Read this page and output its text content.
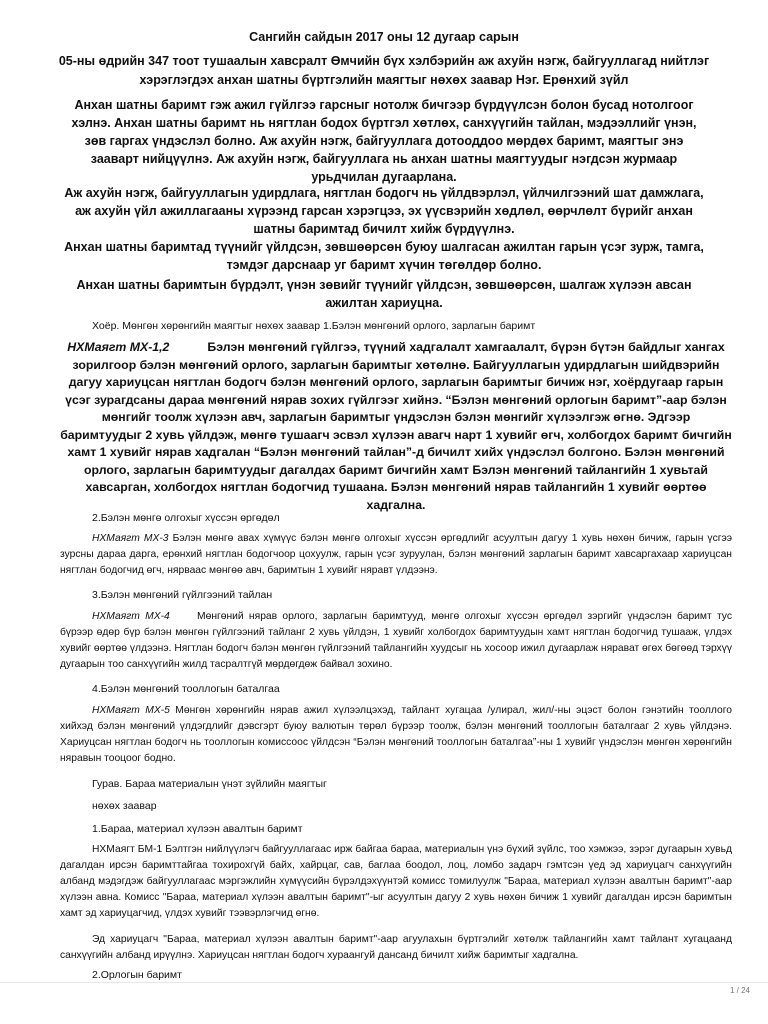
Сангийн сайдын 2017 оны 12 дугаар сарын
05-ны өдрийн 347 тоот тушаалын хавсралт Өмчийн бүх хэлбэрийн аж ахуйн нэгж, байгууллагад нийтлэг хэрэглэгдэх анхан шатны бүртгэлийн маягтыг нөхөх заавар Нэг. Ерөнхий зүйл
Анхан шатны баримт гэж ажил гүйлгээ гарсныг нотолж бичгээр бүрдүүлсэн болон бусад нотолгоог хэлнэ. Анхан шатны баримт нь нягтлан бодох бүртгэл хөтлөх, санхүүгийн тайлан, мэдээллийг үнэн, зөв гаргах үндэслэл болно. Аж ахуйн нэгж, байгууллага дотооддоо мөрдөх баримт, маягтыг энэ зааварт нийцүүлнэ. Аж ахуйн нэгж, байгууллага нь анхан шатны маягтуудыг нэгдсэн журмаар урьдчилан дугаарлана.
Аж ахуйн нэгж, байгууллагын удирдлага, нягтлан бодогч нь үйлдвэрлэл, үйлчилгээний шат дамжлага, аж ахуйн үйл ажиллагааны хүрээнд гарсан хэрэгцээ, эх үүсвэрийн хөдлөл, өөрчлөлт бүрийг анхан шатны баримтад бичилт хийж бүрдүүлнэ.
Анхан шатны баримтад түүнийг үйлдсэн, зөвшөөрсөн буюу шалгасан ажилтан гарын үсэг зурж, тамга, тэмдэг дарснаар уг баримт хүчин төгөлдөр болно.
Анхан шатны баримтын бүрдэлт, үнэн зөвийг түүнийг үйлдсэн, зөвшөөрсөн, шалгаж хүлээн авсан ажилтан хариуцна.
Хоёр. Мөнгөн хөрөнгийн маягтыг нөхөх заавар 1.Бэлэн мөнгөний орлого, зарлагын баримт
НХМаягт МХ-1,2	Бэлэн мөнгөний гүйлгээ, түүний хадгалалт хамгаалалт, бүрэн бүтэн байдлыг хангах зорилгоор бэлэн мөнгөний орлого, зарлагын баримтыг хөтөлнө. Байгууллагын удирдлагын шийдвэрийн дагуу хариуцсан нягтлан бодогч бэлэн мөнгөний орлого, зарлагын баримтыг бичиж нэг, хоёрдугаар гарын үсэг зурагдсаны дараа мөнгөний нярав зохих гүйлгээг хийнэ. “Бэлэн мөнгөний орлогын баримт”-аар бэлэн мөнгийг тоолж хүлээн авч, зарлагын баримтыг үндэслэн бэлэн мөнгийг хүлээлгэж өгнө. Эдгээр баримтуудыг 2 хувь үйлдэж, мөнгө тушаагч эсвэл хүлээн авагч нарт 1 хувийг өгч, холбогдох баримт бичгийн хамт 1 хувийг нярав хадгалан “Бэлэн мөнгөний тайлан”-д бичилт хийх үндэслэл болгоно. Бэлэн мөнгөний орлого, зарлагын баримтуудыг дагалдах баримт бичгийн хамт Бэлэн мөнгөний тайлангийн 1 хувьтай хавсарган, холбогдох нягтлан бодогчид тушаана. Бэлэн мөнгөний нярав тайлангийн 1 хувийг өөртөө хадгална.
2.Бэлэн мөнгө олгохыг хүссэн өргөдөл
НХМаягт МХ-3 Бэлэн мөнгө авах хүмүүс бэлэн мөнгө олгохыг хүссэн өргөдлийг асуултын дагуу 1 хувь нөхөн бичиж, гарын үсгээ зурсны дараа дарга, ерөнхий нягтлан бодогчоор цохуулж, гарын үсэг зуруулан, бэлэн мөнгөний зарлагын баримт хавсаргахаар хариуцсан нягтлан бодогчид өгч, нярваас мөнгөө авч, баримтын 1 хувийг няравт үлдээнэ.
3.Бэлэн мөнгөний гүйлгээний тайлан
НХМаягт МХ-4	Мөнгөний нярав орлого, зарлагын баримтууд, мөнгө олгохыг хүссэн өргөдөл зэргийг үндэслэн баримт тус бүрээр өдөр бүр бэлэн мөнгөн гүйлгээний тайланг 2 хувь үйлдэн, 1 хувийг холбогдох баримтуудын хамт нягтлан бодогчид тушааж, үлдэх хувийг өөртөө үлдээнэ. Нягтлан бодогч бэлэн мөнгөн гүйлгээний тайлангийн хуудсыг нь хосоор ижил дугаарлаж нярават өгөх бөгөөд тэрхүү дугаарын тоо санхүүгийн жилд тасралтгүй мөрдөгдөж байвал зохино.
4.Бэлэн мөнгөний тооллогын баталгаа
НХМаягт МХ-5 Мөнгөн хөрөнгийн нярав ажил хүлээлцэхэд, тайлант хугацаа /улирал, жил/-ны эцэст болон гэнэтийн тооллого хийхэд бэлэн мөнгөний үлдэгдлийг дэвсгэрт буюу валютын төрөл бүрээр тоолж, бэлэн мөнгөний тооллогын баталгааг 2 хувь үйлдэнэ. Хариуцсан нягтлан бодогч нь тооллогын комиссоос үйлдсэн “Бэлэн мөнгөний тооллогын баталгаа”-ны 1 хувийг үндэслэн мөнгөн хөрөнгийн няравын тооцоог бодно.
Гурав. Бараа материалын үнэт зүйлийн маягтыг
нөхөх заавар
1.Бараа, материал хүлээн авалтын баримт
НХМаягт БМ-1 Бэлтгэн нийлүүлэгч байгууллагаас ирж байгаа бараа, материалын үнэ бүхий зүйлс, тоо хэмжээ, зэрэг дугаарын хувьд дагалдан ирсэн баримттайгаа тохирохгүй байх, хайрцаг, сав, баглаа боодол, лоц, ломбо задарч гэмтсэн үед эд хариуцагч санхүүгийн албанд мэдэгдэж байгууллагаас мэргэжлийн хүмүүсийн бүрэлдэхүүнтэй комисс томилуулж "Бараа, материал хүлээн авалтын баримт"-аар хүлээн авна. Комисс "Бараа, материал хүлээн авалтын баримт"-ыг асуултын дагуу 2 хувь нөхөн бичиж 1 хувийг дагалдан ирсэн баримтын хамт эд хариуцагчид, үлдэх хувийг тээвэрлэгчид өгнө.
Эд хариуцагч "Бараа, материал хүлээн авалтын баримт"-аар агуулахын бүртгэлийг хөтөлж тайлангийн хамт тайлант хугацаанд санхүүгийн албанд ирүүлнэ. Хариуцсан нягтлан бодогч хураангуй дансанд бичилт хийж баримтыг хадгална.
2.Орлогын баримт
1 / 24
